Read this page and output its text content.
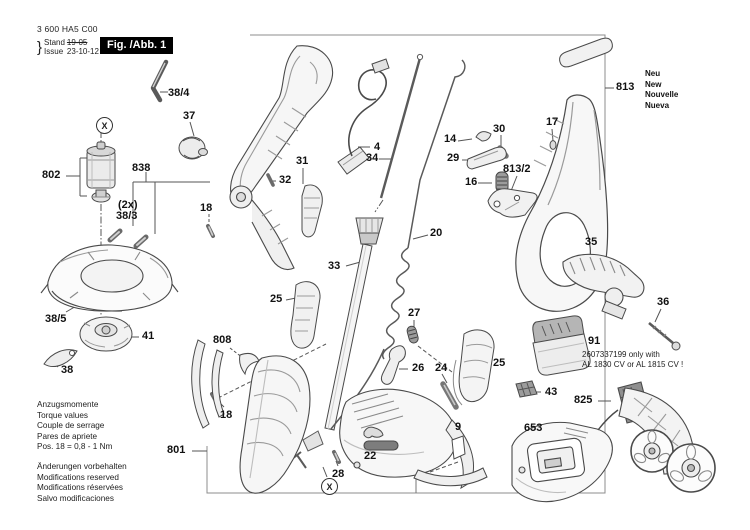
3 600 HA5 C00
Stand
Issue
}	19-05
23-10-12
Fig. /Abb. 1
Anzugsmomente
Torque values
Couple de serrage
Pares de apriete
Pos. 18 = 0,8 - 1 Nm
Änderungen vorbehalten
Modifications reserved
Modifications réservées
Salvo modificaciones
Neu
New
Nouvelle
Nueva
2607337199 only with
AL 1830 CV or AL 1815 CV !
X
X
38/4
37
802
838
(2x)
38/3
18
31
32
4
34
20
33
25
808
18
27
26 24	25
9
22
28
14
30
29
16
813/2
17
813
35
36
91
43
825
653
38/5
41
38
801
